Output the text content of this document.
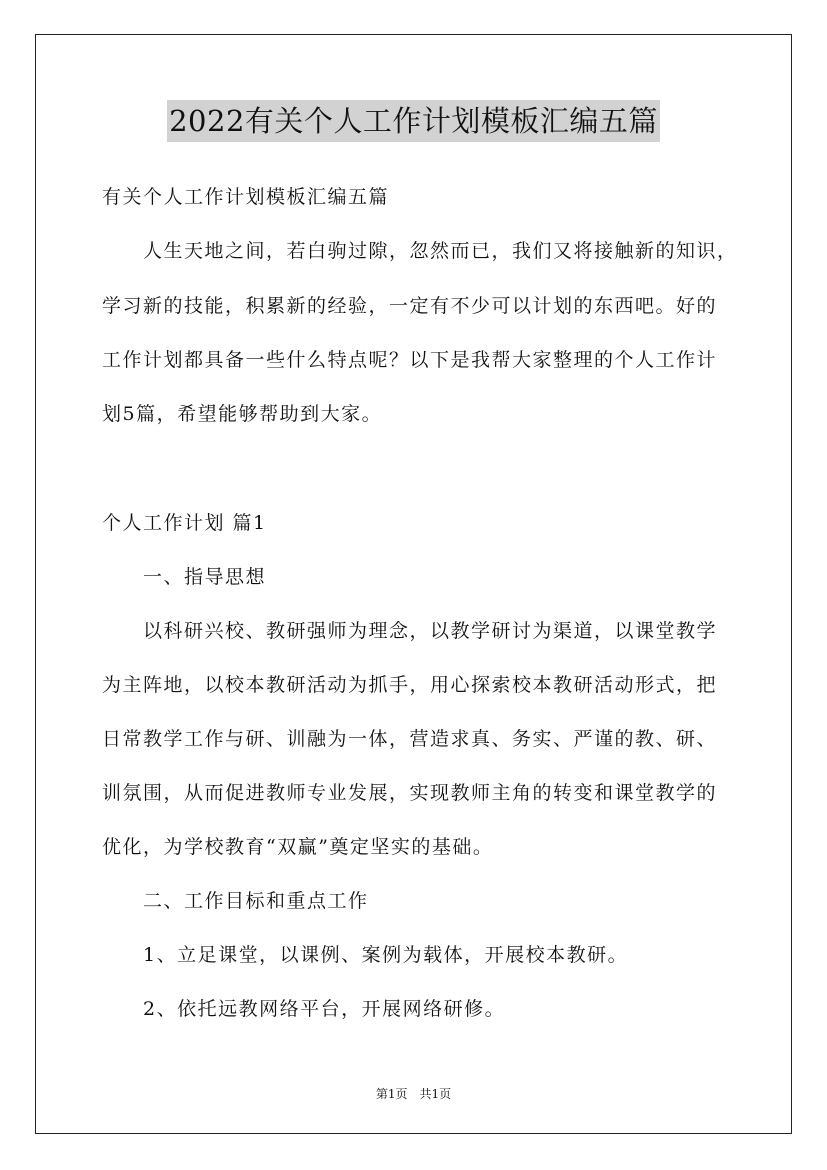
2022有关个人工作计划模板汇编五篇
有关个人工作计划模板汇编五篇
人生天地之间，若白驹过隙，忽然而已，我们又将接触新的知识，
学习新的技能，积累新的经验，一定有不少可以计划的东西吧。好的
工作计划都具备一些什么特点呢？以下是我帮大家整理的个人工作计
划5篇，希望能够帮助到大家。
个人工作计划 篇1
一、指导思想
以科研兴校、教研强师为理念，以教学研讨为渠道，以课堂教学
为主阵地，以校本教研活动为抓手，用心探索校本教研活动形式，把
日常教学工作与研、训融为一体，营造求真、务实、严谨的教、研、
训氛围，从而促进教师专业发展，实现教师主角的转变和课堂教学的
优化，为学校教育“双赢”奠定坚实的基础。
二、工作目标和重点工作
1、立足课堂，以课例、案例为载体，开展校本教研。
2、依托远教网络平台，开展网络研修。
第1页　共1页
